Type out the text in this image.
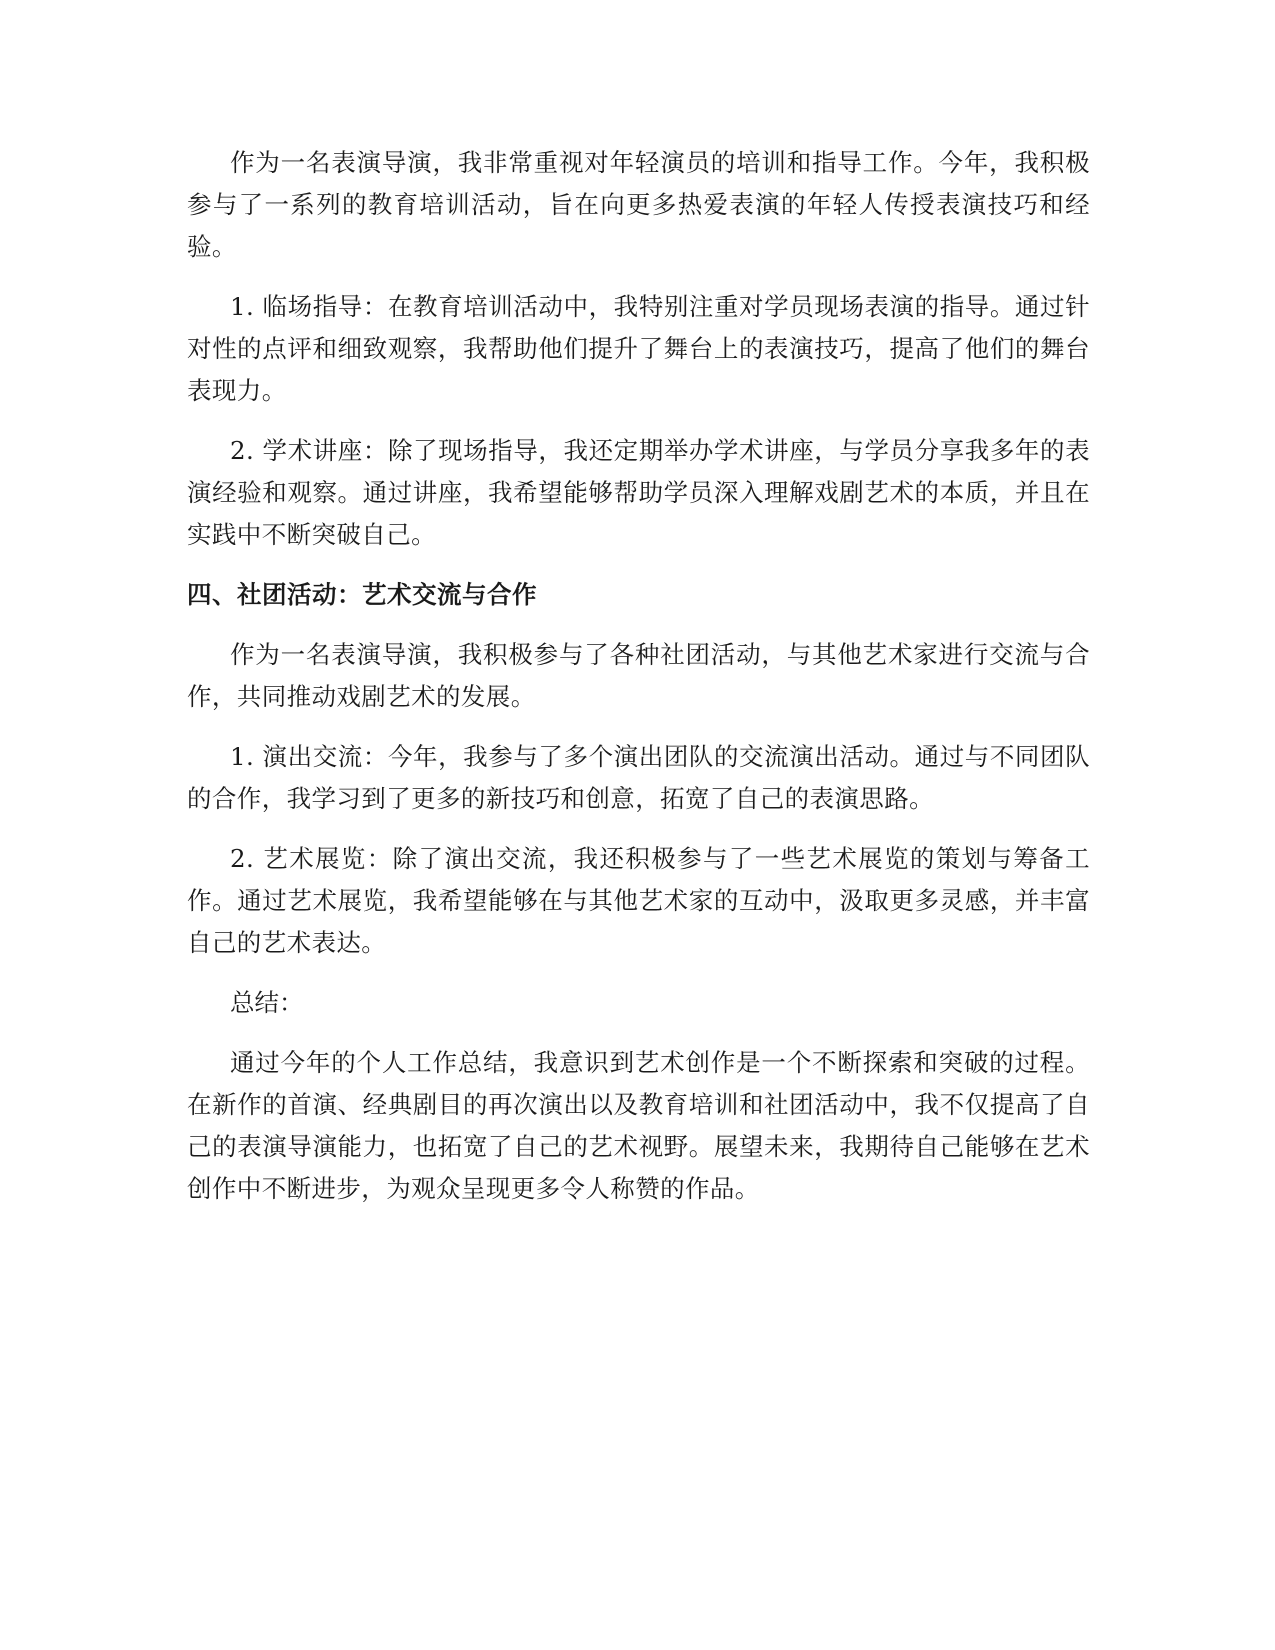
作为一名表演导演，我非常重视对年轻演员的培训和指导工作。今年，我积极参与了一系列的教育培训活动，旨在向更多热爱表演的年轻人传授表演技巧和经验。

1. 临场指导：在教育培训活动中，我特别注重对学员现场表演的指导。通过针对性的点评和细致观察，我帮助他们提升了舞台上的表演技巧，提高了他们的舞台表现力。

2. 学术讲座：除了现场指导，我还定期举办学术讲座，与学员分享我多年的表演经验和观察。通过讲座，我希望能够帮助学员深入理解戏剧艺术的本质，并且在实践中不断突破自己。

四、社团活动：艺术交流与合作

作为一名表演导演，我积极参与了各种社团活动，与其他艺术家进行交流与合作，共同推动戏剧艺术的发展。

1. 演出交流：今年，我参与了多个演出团队的交流演出活动。通过与不同团队的合作，我学习到了更多的新技巧和创意，拓宽了自己的表演思路。

2. 艺术展览：除了演出交流，我还积极参与了一些艺术展览的策划与筹备工作。通过艺术展览，我希望能够在与其他艺术家的互动中，汲取更多灵感，并丰富自己的艺术表达。

总结：

通过今年的个人工作总结，我意识到艺术创作是一个不断探索和突破的过程。在新作的首演、经典剧目的再次演出以及教育培训和社团活动中，我不仅提高了自己的表演导演能力，也拓宽了自己的艺术视野。展望未来，我期待自己能够在艺术创作中不断进步，为观众呈现更多令人称赞的作品。
